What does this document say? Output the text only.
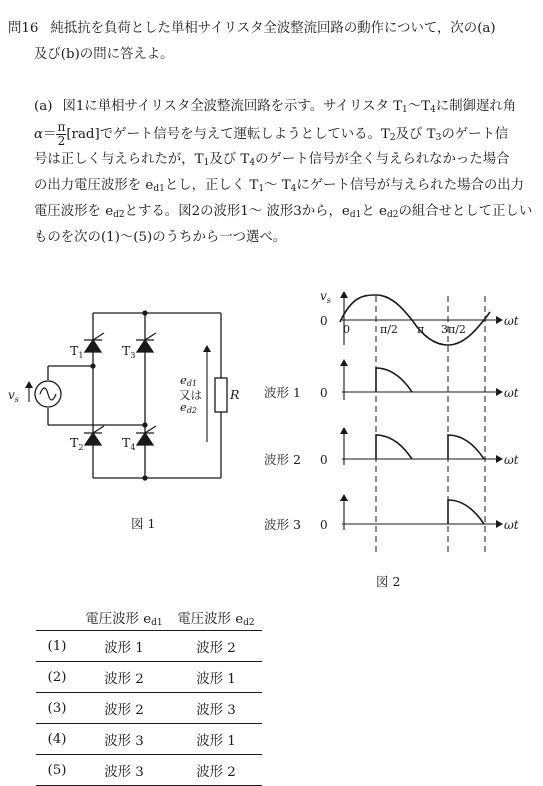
問16 純抵抗を負荷とした単相サイリスタ全波整流回路の動作について，次の(a)
及び(b)の問に答えよ。
(a) 図1に単相サイリスタ全波整流回路を示す。サイリスタ $T_1\sim T_4$に制御遅れ角
$\alpha= \frac{\pi}{2} [rad]$でゲート信号を与えて運転しようとしている。$T_2$及び $T_3$のゲート信
号は正しく与えられたが，$T_1$及び $T_4$のゲート信号が全く与えられなかった場合
の出力電圧波形を $e_{d1}$とし，正しく $T_1\sim$ $T_4$にゲート信号が与えられた場合の出力
電圧波形を $e_{d2}$とする。図2の波形1～ 波形3から，$e_{d1}$と $e_{d2}$の組合せとして正しい
ものを次の(1)～(5)のうちから一つ選べ。
$v_s$
$T_1$	$T_3$
$T_2$	$T_4$
R
ed1
又は
ed2
図 1
$v_s$
0
0	π/2 π 3π/2
ωt
波形 1 0	ωt
波形 2 0	ωt
波形 3 0	ωt
図 2
	電圧波形 $e_{d1}$	電圧波形 $e_{d2}$
(1)	波形 1	波形 2
(2)	波形 2	波形 1
(3)	波形 2	波形 3
(4)	波形 3	波形 1
(5)	波形 3	波形 2
